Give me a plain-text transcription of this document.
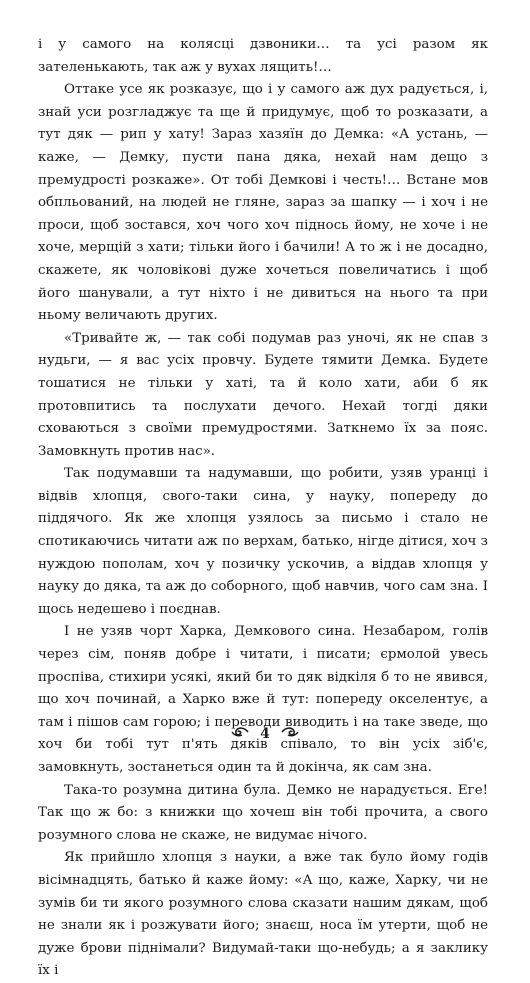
і у самого на колясці дзвоники… та усі разом як зателенькають, так аж у вухах лящить!…

Оттаке усе як розказує, що і у самого аж дух радується, і, знай уси розгладжує та ще й придумує, щоб то розказати, а тут дяк — рип у хату! Зараз хазяїн до Демка: «А устань, — каже, — Демку, пусти пана дяка, нехай нам дещо з премудрості розкаже». От тобі Демкові і честь!… Встане мов обпльований, на людей не гляне, зараз за шапку — і хоч і не проси, щоб зостався, хоч чого хоч піднось йому, не хоче і не хоче, мерщій з хати; тільки його і бачили! А то ж і не досадно, скажете, як чоловікові дуже хочеться повеличатись і щоб його шанували, а тут ніхто і не дивиться на нього та при ньому величають других.

«Тривайте ж, — так собі подумав раз уночі, як не спав з нудьги, — я вас усіх провчу. Будете тямити Демка. Будете тошатися не тільки у хаті, та й коло хати, аби б як протовпитись та послухати дечого. Нехай тогді дяки сховаються з своїми премудростями. Заткнемо їх за пояс. Замовкнуть против нас».

Так подумавши та надумавши, що робити, узяв уранці і відвів хлопця, свого-таки сина, у науку, попереду до піддячого. Як же хлопця узялось за письмо і стало не спотикаючись читати аж по верхам, батько, нігде дітися, хоч з нуждою пополам, хоч у позичку ускочив, а віддав хлопця у науку до дяка, та аж до соборного, щоб навчив, чого сам зна. І щось недешево і поєднав.

І не узяв чорт Харка, Демкового сина. Незабаром, голів через сім, поняв добре і читати, і писати; єрмолой увесь проспіва, стихири усякі, який би то дяк відкіля б то не явився, що хоч починай, а Харко вже й тут: попереду окселентує, а там і пішов сам горою; і переводи виводить і на таке зведе, що хоч би тобі тут п'ять дяків співало, то він усіх зіб'є, замовкнуть, зостанеться один та й докінча, як сам зна.

Така-то розумна дитина була. Демко не нарадується. Еге! Так що ж бо: з книжки що хочеш він тобі прочита, а свого розумного слова не скаже, не видумає нічого.

Як прийшло хлопця з науки, а вже так було йому годів вісімнадцять, батько й каже йому: «А що, каже, Харку, чи не зумів би ти якого розумного слова сказати нашим дякам, щоб не знали як і розжувати його; знаєш, носа їм утерти, щоб не дуже брови піднімали? Видумай-таки що-небудь; а я заклику їх і

4
